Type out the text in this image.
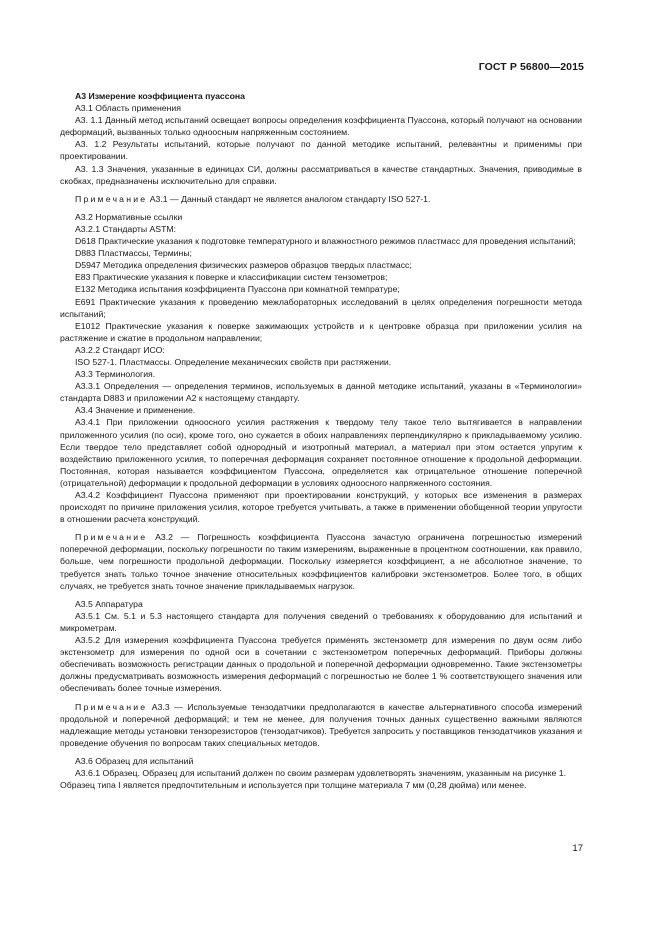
ГОСТ Р 56800—2015

А3 Измерение коэффициента пуассона

А3.1 Область применения

А3. 1.1 Данный метод испытаний освещает вопросы определения коэффициента Пуассона, который получают на основании деформаций, вызванных только одноосным напряженным состоянием.

А3. 1.2 Результаты испытаний, которые получают по данной методике испытаний, релевантны и применимы при проектировании.

А3. 1.3 Значения, указанные в единицах СИ, должны рассматриваться в качестве стандартных. Значения, приводимые в скобках, предназначены исключительно для справки.

Примечание А3.1 — Данный стандарт не является аналогом стандарту ISO 527-1.

А3.2 Нормативные ссылки

А3.2.1 Стандарты ASTM:

D618 Практические указания к подготовке температурного и влажностного режимов пластмасс для проведения испытаний;

D883 Пластмассы, Термины;

D5947 Методика определения физических размеров образцов твердых пластмасс;

Е83 Практические указания к поверке и классификации систем тензометров;

Е132 Методика испытания коэффициента Пуассона при комнатной темпратуре;

Е691 Практические указания к проведению межлабораторных исследований в целях определения погрешности метода испытаний;

Е1012 Практические указания к поверке зажимающих устройств и к центровке образца при приложении усилия на растяжение и сжатие в продольном направлении;

А3.2.2 Стандарт ИСО:

ISO 527-1. Пластмассы. Определение механических свойств при растяжении.

А3.3 Терминология.

А3.3.1 Определения — определения терминов, используемых в данной методике испытаний, указаны в «Терминологии» стандарта D883 и приложении А2 к настоящему стандарту.

А3.4 Значение и применение.

А3.4.1 При приложении одноосного усилия растяжения к твердому телу такое тело вытягивается в направлении приложенного усилия (по оси), кроме того, оно сужается в обоих направлениях перпендикулярно к прикладываемому усилию. Если твердое тело представляет собой однородный и изотропный материал, а материал при этом остается упругим к воздействию приложенного усилия, то поперечная деформация сохраняет постоянное отношение к продольной деформации. Постоянная, которая называется коэффициентом Пуассона, определяется как отрицательное отношение поперечной (отрицательной) деформации к продольной деформации в условиях одноосного напряженного состояния.

А3.4.2 Коэффициент Пуассона применяют при проектировании конструкций, у которых все изменения в размерах происходят по причине приложения усилия, которое требуется учитывать, а также в применении обобщенной теории упругости в отношении расчета конструкций.

Примечание А3.2 — Погрешность коэффициента Пуассона зачастую ограничена погрешностью измерений поперечной деформации, поскольку погрешности по таким измерениям, выраженные в процентном соотношении, как правило, больше, чем погрешности продольной деформации. Поскольку измеряется коэффициент, а не абсолютное значение, то требуется знать только точное значение относительных коэффициентов калибровки экстензометров. Более того, в общих случаях, не требуется знать точное значение прикладываемых нагрузок.

А3.5 Аппаратура

А3.5.1 См. 5.1 и 5.3 настоящего стандарта для получения сведений о требованиях к оборудованию для испытаний и микрометрам.

А3.5.2 Для измерения коэффициента Пуассона требуется применять экстензометр для измерения по двум осям либо экстензометр для измерения по одной оси в сочетании с экстензометром поперечных деформаций. Приборы должны обеспечивать возможность регистрации данных о продольной и поперечной деформации одновременно. Такие экстензометры должны предусматривать возможность измерения деформаций с погрешностью не более 1 % соответствующего значения или обеспечивать более точные измерения.

Примечание А3.3 — Используемые тензодатчики предполагаются в качестве альтернативного способа измерений продольной и поперечной деформаций; и тем не менее, для получения точных данных существенно важными являются надлежащие методы установки тензорезисторов (тензодатчиков). Требуется запросить у поставщиков тензодатчиков указания и проведение обучения по вопросам таких специальных методов.

А3.6 Образец для испытаний

А3.6.1 Образец. Образец для испытаний должен по своим размерам удовлетворять значениям, указанным на рисунке 1. Образец типа I является предпочтительным и используется при толщине материала 7 мм (0,28 дюйма) или менее.

17
